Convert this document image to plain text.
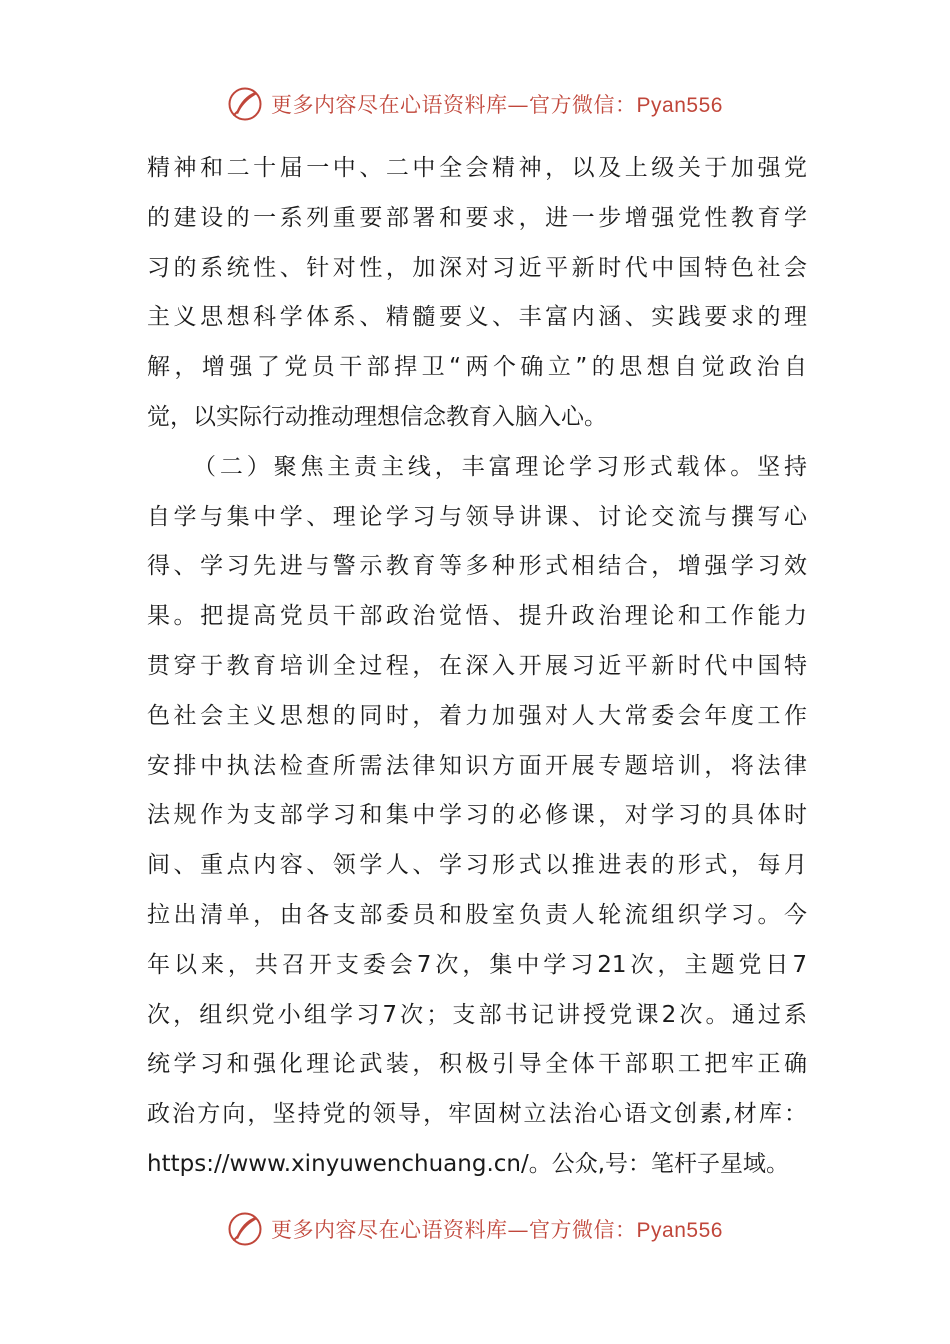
更多内容尽在心语资料库—官方微信：Pyan556
精神和二十届一中、二中全会精神，以及上级关于加强党
的建设的一系列重要部署和要求，进一步增强党性教育学
习的系统性、针对性，加深对习近平新时代中国特色社会
主义思想科学体系、精髓要义、丰富内涵、实践要求的理
解，增强了党员干部捍卫“两个确立”的思想自觉政治自
觉，以实际行动推动理想信念教育入脑入心。
（二）聚焦主责主线，丰富理论学习形式载体。坚持
自学与集中学、理论学习与领导讲课、讨论交流与撰写心
得、学习先进与警示教育等多种形式相结合，增强学习效
果。把提高党员干部政治觉悟、提升政治理论和工作能力
贯穿于教育培训全过程，在深入开展习近平新时代中国特
色社会主义思想的同时，着力加强对人大常委会年度工作
安排中执法检查所需法律知识方面开展专题培训，将法律
法规作为支部学习和集中学习的必修课，对学习的具体时
间、重点内容、领学人、学习形式以推进表的形式，每月
拉出清单，由各支部委员和股室负责人轮流组织学习。今
年以来，共召开支委会7次，集中学习21次，主题党日7
次，组织党小组学习7次；支部书记讲授党课2次。通过系
统学习和强化理论武装，积极引导全体干部职工把牢正确
政治方向，坚持党的领导，牢固树立法治心语文创素,材库：
https://www.xinyuwenchuang.cn/。公众,号：笔杆子星域。
更多内容尽在心语资料库—官方微信：Pyan556
